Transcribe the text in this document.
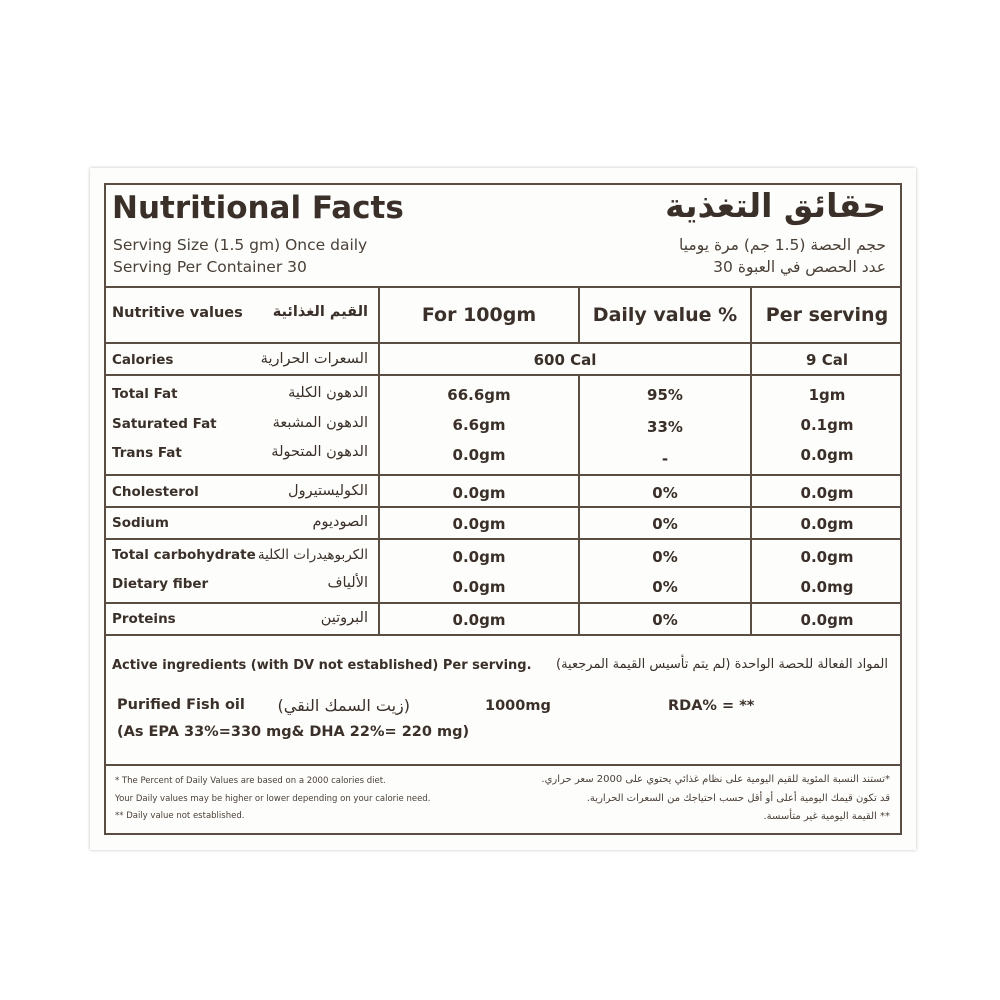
Nutritional Facts	حقائق التغذية
Serving Size (1.5 gm) Once daily	حجم الحصة (1.5 جم) مرة يوميا
Serving Per Container 30	عدد الحصص في العبوة 30
Nutritive values القيم الغذائية	For 100gm	Daily value %	Per serving
Calories	السعرات الحرارية	600 Cal	9 Cal
Total Fat	الدهون الكلية	66.6gm	95%	1gm
Saturated Fat	الدهون المشبعة	6.6gm	33%	0.1gm
Trans Fat	الدهون المتحولة	0.0gm	-	0.0gm
Cholesterol	الكوليستيرول	0.0gm	0%	0.0gm
Sodium	الصوديوم	0.0gm	0%	0.0gm
Total carbohydrate الكربوهيدرات الكلية	0.0gm	0%	0.0gm
Dietary fiber	الألياف	0.0gm	0%	0.0mg
Proteins	البروتين	0.0gm	0%	0.0gm
Active ingredients (with DV not established) Per serving. المواد الفعالة للحصة الواحدة (لم يتم تأسيس القيمة المرجعية)
Purified Fish oil (زيت السمك النقي)	1000mg	RDA% = **
(As EPA 33%=330 mg& DHA 22%= 220 mg)
* The Percent of Daily Values are based on a 2000 calories diet.
Your Daily values may be higher or lower depending on your calorie need.
** Daily value not established.
*تستند النسبة المئوية للقيم اليومية على نظام غذائي يحتوي على 2000 سعر حراري.
قد تكون قيمك اليومية أعلى أو أقل حسب احتياجك من السعرات الحرارية.
** القيمة اليومية غير متأسسة.
